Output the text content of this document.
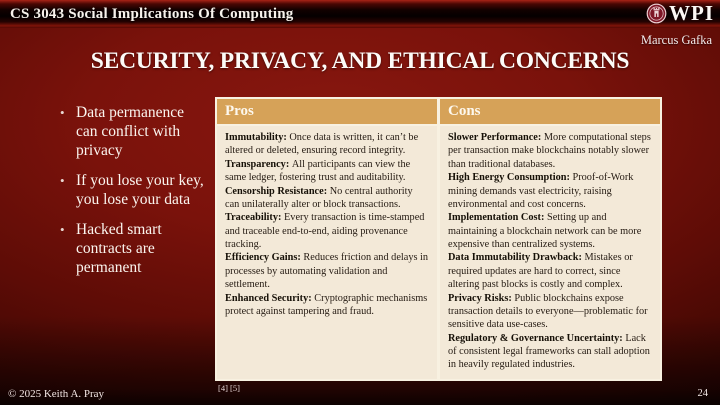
CS 3043 Social Implications Of Computing	WPI
Marcus Gafka
SECURITY, PRIVACY, AND ETHICAL CONCERNS
• Data permanence can conflict with privacy
• If you lose your key, you lose your data
• Hacked smart contracts are permanent
Pros	Cons

Immutability : Once data is written, it can’t be altered or deleted, ensuring record integrity.

Transparency : All participants can view the same ledger, fostering trust and auditability.

Censorship Resistance : No central authority can unilaterally alter or block transactions.

Traceability : Every transaction is time-stamped and traceable end-to-end, aiding provenance tracking.

Efficiency Gains : Reduces friction and delays in processes by automating validation and settlement.

Enhanced Security : Cryptographic mechanisms protect against tampering and fraud.

Slower Performance : More computational steps per transaction make blockchains notably slower than traditional databases.

High Energy Consumption : Proof-of-Work mining demands vast electricity, raising environmental and cost concerns.

Implementation Cost : Setting up and maintaining a blockchain network can be more expensive than centralized systems.

Data Immutability Drawback : Mistakes or required updates are hard to correct, since altering past blocks is costly and complex.

Privacy Risks : Public blockchains expose transaction details to everyone—problematic for sensitive data use-cases.

Regulatory & Governance Uncertainty : Lack of consistent legal frameworks can stall adoption in heavily regulated industries.

[4] [5]
© 2025 Keith A. Pray	24
